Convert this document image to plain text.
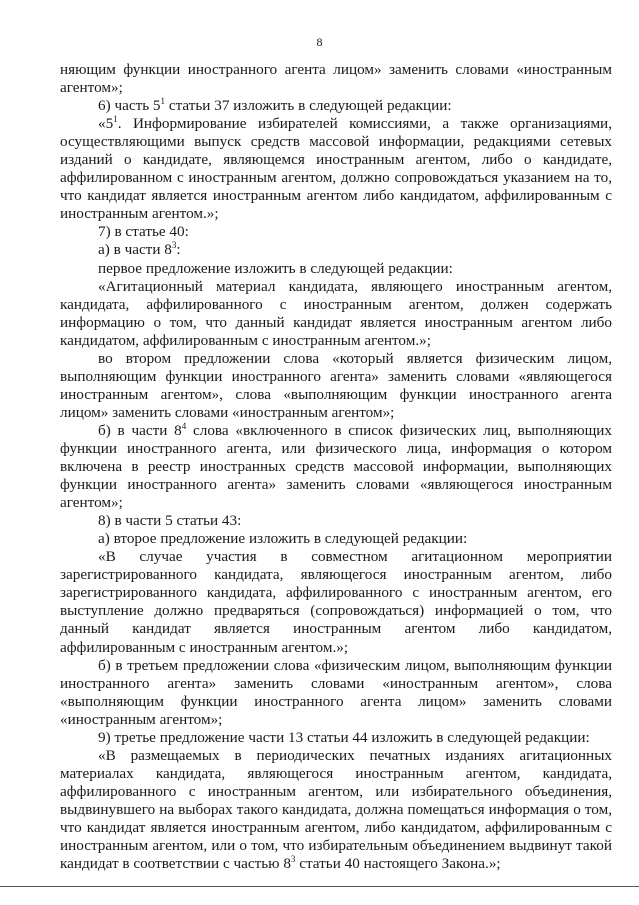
8

няющим функции иностранного агента лицом» заменить словами «иностранным агентом»;

6) часть $5^1$ статьи 37 изложить в следующей редакции:

«$5^1$. Информирование избирателей комиссиями, а также организациями, осуществляющими выпуск средств массовой информации, редакциями сетевых изданий о кандидате, являющемся иностранным агентом, либо о кандидате, аффилированном с иностранным агентом, должно сопровождаться указанием на то, что кандидат является иностранным агентом либо кандидатом, аффилированным с иностранным агентом.»;

7) в статье 40:

а) в части $8^3$:

первое предложение изложить в следующей редакции:

«Агитационный материал кандидата, являющего иностранным агентом, кандидата, аффилированного с иностранным агентом, должен содержать информацию о том, что данный кандидат является иностранным агентом либо кандидатом, аффилированным с иностранным агентом.»;

во втором предложении слова «который является физическим лицом, выполняющим функции иностранного агента» заменить словами «являющегося иностранным агентом», слова «выполняющим функции иностранного агента лицом» заменить словами «иностранным агентом»;

б) в части $8^4$ слова «включенного в список физических лиц, выполняющих функции иностранного агента, или физического лица, информация о котором включена в реестр иностранных средств массовой информации, выполняющих функции иностранного агента» заменить словами «являющегося иностранным агентом»;

8) в части 5 статьи 43:

а) второе предложение изложить в следующей редакции:

«В случае участия в совместном агитационном мероприятии зарегистрированного кандидата, являющегося иностранным агентом, либо зарегистрированного кандидата, аффилированного с иностранным агентом, его выступление должно предваряться (сопровождаться) информацией о том, что данный кандидат является иностранным агентом либо кандидатом, аффилированным с иностранным агентом.»;

б) в третьем предложении слова «физическим лицом, выполняющим функции иностранного агента» заменить словами «иностранным агентом», слова «выполняющим функции иностранного агента лицом» заменить словами «иностранным агентом»;

9) третье предложение части 13 статьи 44 изложить в следующей редакции:

«В размещаемых в периодических печатных изданиях агитационных материалах кандидата, являющегося иностранным агентом, кандидата, аффилированного с иностранным агентом, или избирательного объединения, выдвинувшего на выборах такого кандидата, должна помещаться информация о том, что кандидат является иностранным агентом, либо кандидатом, аффилированным с иностранным агентом, или о том, что избирательным объединением выдвинут такой кандидат в соответствии с частью $8^3$ статьи 40 настоящего Закона.»;
